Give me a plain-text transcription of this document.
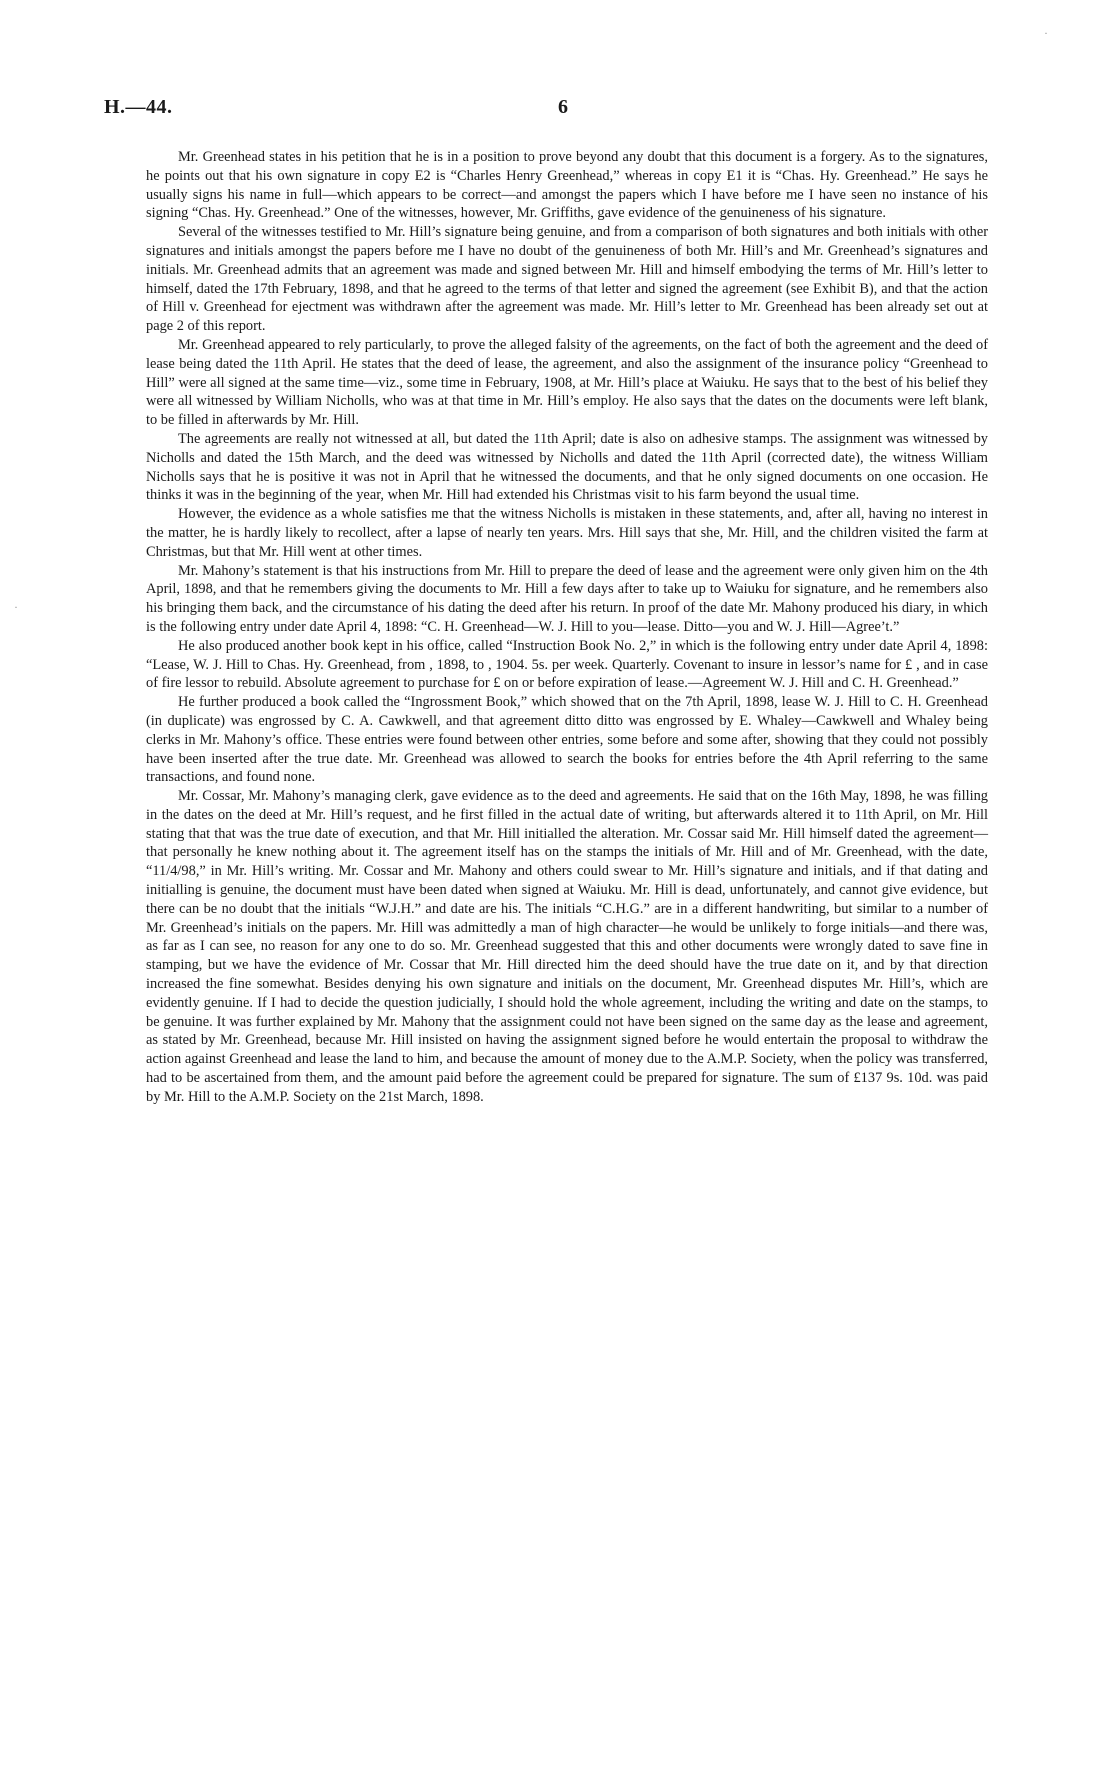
H.—44.	6

Mr. Greenhead states in his petition that he is in a position to prove beyond any doubt that this document is a forgery. As to the signatures, he points out that his own signature in copy E2 is “Charles Henry Greenhead,” whereas in copy E1 it is “Chas. Hy. Greenhead.” He says he usually signs his name in full—which appears to be correct—and amongst the papers which I have before me I have seen no instance of his signing “Chas. Hy. Greenhead.” One of the witnesses, however, Mr. Griffiths, gave evidence of the genuineness of his signature.

Several of the witnesses testified to Mr. Hill’s signature being genuine, and from a comparison of both signatures and both initials with other signatures and initials amongst the papers before me I have no doubt of the genuineness of both Mr. Hill’s and Mr. Greenhead’s signatures and initials. Mr. Greenhead admits that an agreement was made and signed between Mr. Hill and himself embodying the terms of Mr. Hill’s letter to himself, dated the 17th February, 1898, and that he agreed to the terms of that letter and signed the agreement (see Exhibit B), and that the action of Hill v. Greenhead for ejectment was withdrawn after the agreement was made. Mr. Hill’s letter to Mr. Greenhead has been already set out at page 2 of this report.

Mr. Greenhead appeared to rely particularly, to prove the alleged falsity of the agreements, on the fact of both the agreement and the deed of lease being dated the 11th April. He states that the deed of lease, the agreement, and also the assignment of the insurance policy “Greenhead to Hill” were all signed at the same time—viz., some time in February, 1908, at Mr. Hill’s place at Waiuku. He says that to the best of his belief they were all witnessed by William Nicholls, who was at that time in Mr. Hill’s employ. He also says that the dates on the documents were left blank, to be filled in afterwards by Mr. Hill.

The agreements are really not witnessed at all, but dated the 11th April; date is also on adhesive stamps. The assignment was witnessed by Nicholls and dated the 15th March, and the deed was witnessed by Nicholls and dated the 11th April (corrected date), the witness William Nicholls says that he is positive it was not in April that he witnessed the documents, and that he only signed documents on one occasion. He thinks it was in the beginning of the year, when Mr. Hill had extended his Christmas visit to his farm beyond the usual time.

However, the evidence as a whole satisfies me that the witness Nicholls is mistaken in these statements, and, after all, having no interest in the matter, he is hardly likely to recollect, after a lapse of nearly ten years. Mrs. Hill says that she, Mr. Hill, and the children visited the farm at Christmas, but that Mr. Hill went at other times.

Mr. Mahony’s statement is that his instructions from Mr. Hill to prepare the deed of lease and the agreement were only given him on the 4th April, 1898, and that he remembers giving the documents to Mr. Hill a few days after to take up to Waiuku for signature, and he remembers also his bringing them back, and the circumstance of his dating the deed after his return. In proof of the date Mr. Mahony produced his diary, in which is the following entry under date April 4, 1898: “C. H. Greenhead—W. J. Hill to you—lease. Ditto—you and W. J. Hill—Agree’t.”

He also produced another book kept in his office, called “Instruction Book No. 2,” in which is the following entry under date April 4, 1898: “Lease, W. J. Hill to Chas. Hy. Greenhead, from , 1898, to , 1904. 5s. per week. Quarterly. Covenant to insure in lessor’s name for £ , and in case of fire lessor to rebuild. Absolute agreement to purchase for £ on or before expiration of lease.—Agreement W. J. Hill and C. H. Greenhead.”

He further produced a book called the “Ingrossment Book,” which showed that on the 7th April, 1898, lease W. J. Hill to C. H. Greenhead (in duplicate) was engrossed by C. A. Cawkwell, and that agreement ditto ditto was engrossed by E. Whaley—Cawkwell and Whaley being clerks in Mr. Mahony’s office. These entries were found between other entries, some before and some after, showing that they could not possibly have been inserted after the true date. Mr. Greenhead was allowed to search the books for entries before the 4th April referring to the same transactions, and found none.

Mr. Cossar, Mr. Mahony’s managing clerk, gave evidence as to the deed and agreements. He said that on the 16th May, 1898, he was filling in the dates on the deed at Mr. Hill’s request, and he first filled in the actual date of writing, but afterwards altered it to 11th April, on Mr. Hill stating that that was the true date of execution, and that Mr. Hill initialled the alteration. Mr. Cossar said Mr. Hill himself dated the agreement—that personally he knew nothing about it. The agreement itself has on the stamps the initials of Mr. Hill and of Mr. Greenhead, with the date, “11/4/98,” in Mr. Hill’s writing. Mr. Cossar and Mr. Mahony and others could swear to Mr. Hill’s signature and initials, and if that dating and initialling is genuine, the document must have been dated when signed at Waiuku. Mr. Hill is dead, unfortunately, and cannot give evidence, but there can be no doubt that the initials “W.J.H.” and date are his. The initials “C.H.G.” are in a different handwriting, but similar to a number of Mr. Greenhead’s initials on the papers. Mr. Hill was admittedly a man of high character—he would be unlikely to forge initials—and there was, as far as I can see, no reason for any one to do so. Mr. Greenhead suggested that this and other documents were wrongly dated to save fine in stamping, but we have the evidence of Mr. Cossar that Mr. Hill directed him the deed should have the true date on it, and by that direction increased the fine somewhat. Besides denying his own signature and initials on the document, Mr. Greenhead disputes Mr. Hill’s, which are evidently genuine. If I had to decide the question judicially, I should hold the whole agreement, including the writing and date on the stamps, to be genuine. It was further explained by Mr. Mahony that the assignment could not have been signed on the same day as the lease and agreement, as stated by Mr. Greenhead, because Mr. Hill insisted on having the assignment signed before he would entertain the proposal to withdraw the action against Greenhead and lease the land to him, and because the amount of money due to the A.M.P. Society, when the policy was transferred, had to be ascertained from them, and the amount paid before the agreement could be prepared for signature. The sum of £137 9s. 10d. was paid by Mr. Hill to the A.M.P. Society on the 21st March, 1898.

·
·
